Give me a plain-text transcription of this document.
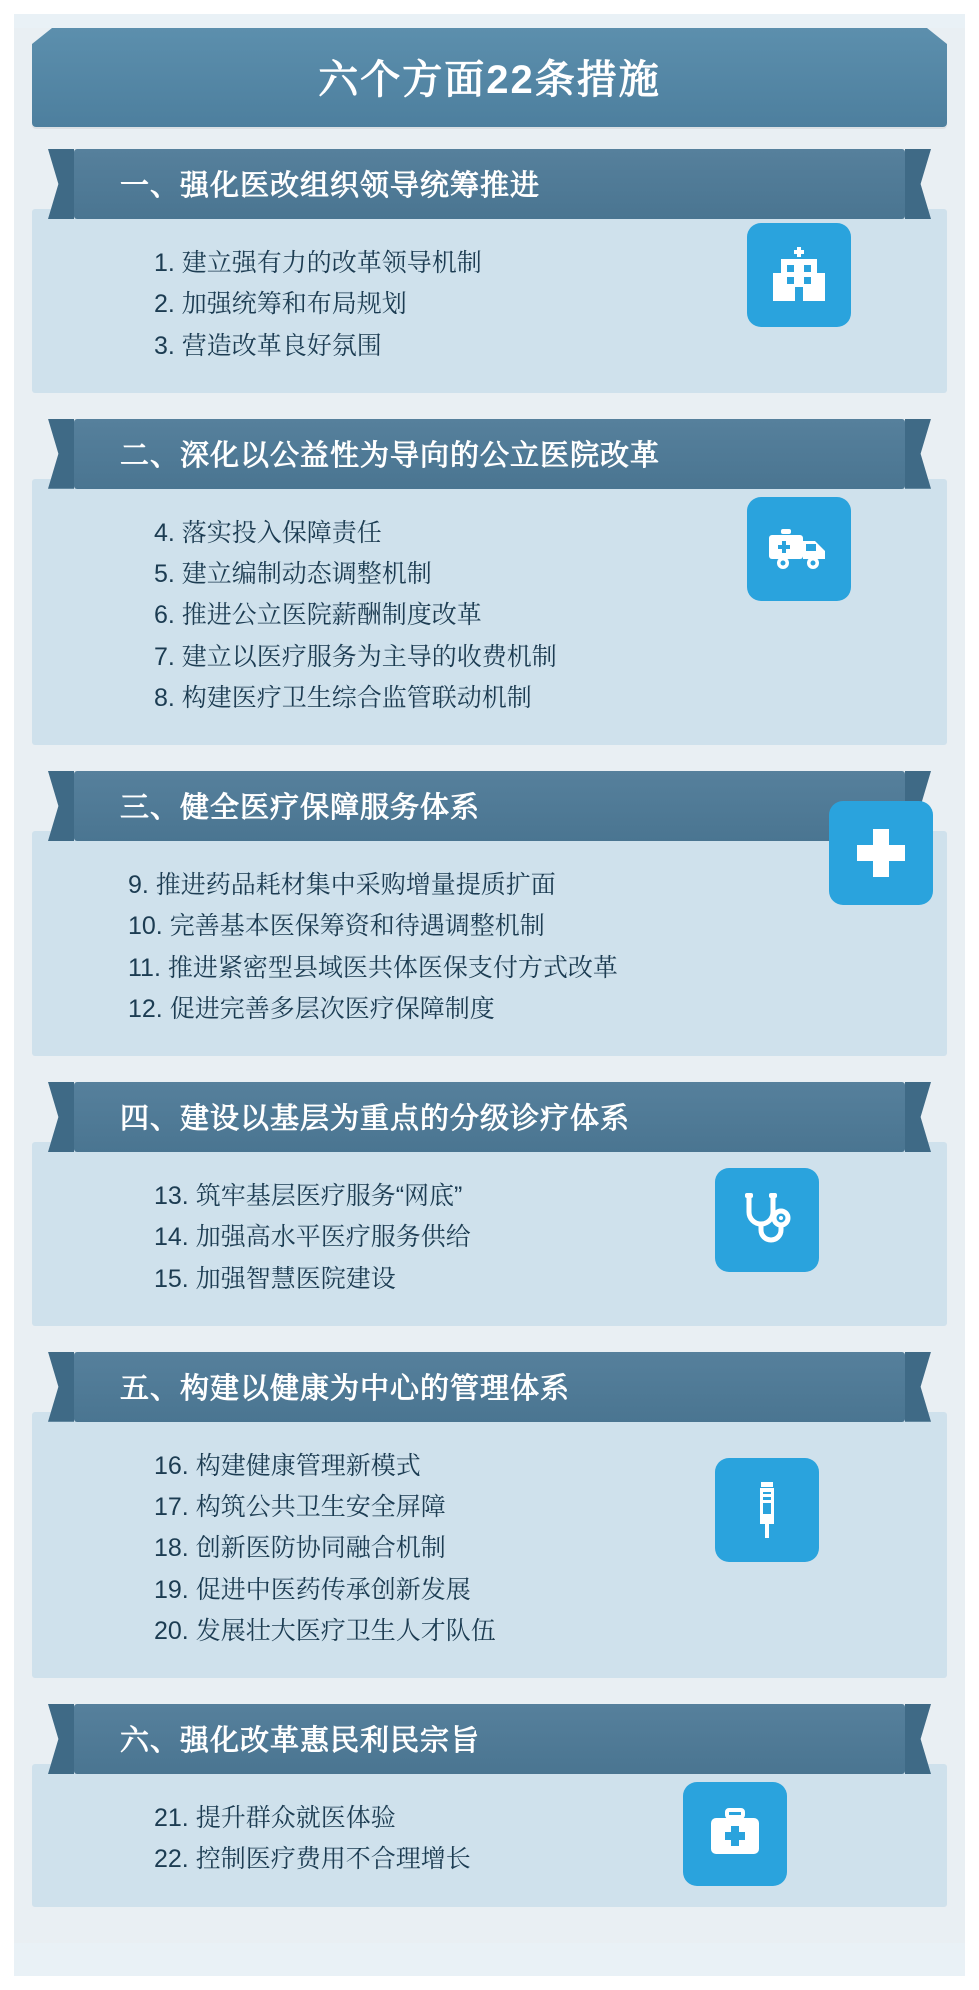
六个方面22条措施
一、强化医改组织领导统筹推进
1. 建立强有力的改革领导机制
2. 加强统筹和布局规划
3. 营造改革良好氛围
二、深化以公益性为导向的公立医院改革
4. 落实投入保障责任
5. 建立编制动态调整机制
6. 推进公立医院薪酬制度改革
7. 建立以医疗服务为主导的收费机制
8. 构建医疗卫生综合监管联动机制
三、健全医疗保障服务体系
9. 推进药品耗材集中采购增量提质扩面
10. 完善基本医保筹资和待遇调整机制
11. 推进紧密型县域医共体医保支付方式改革
12. 促进完善多层次医疗保障制度
四、建设以基层为重点的分级诊疗体系
13. 筑牢基层医疗服务“网底”
14. 加强高水平医疗服务供给
15. 加强智慧医院建设
五、构建以健康为中心的管理体系
16. 构建健康管理新模式
17. 构筑公共卫生安全屏障
18. 创新医防协同融合机制
19. 促进中医药传承创新发展
20. 发展壮大医疗卫生人才队伍
六、强化改革惠民利民宗旨
21. 提升群众就医体验
22. 控制医疗费用不合理增长
